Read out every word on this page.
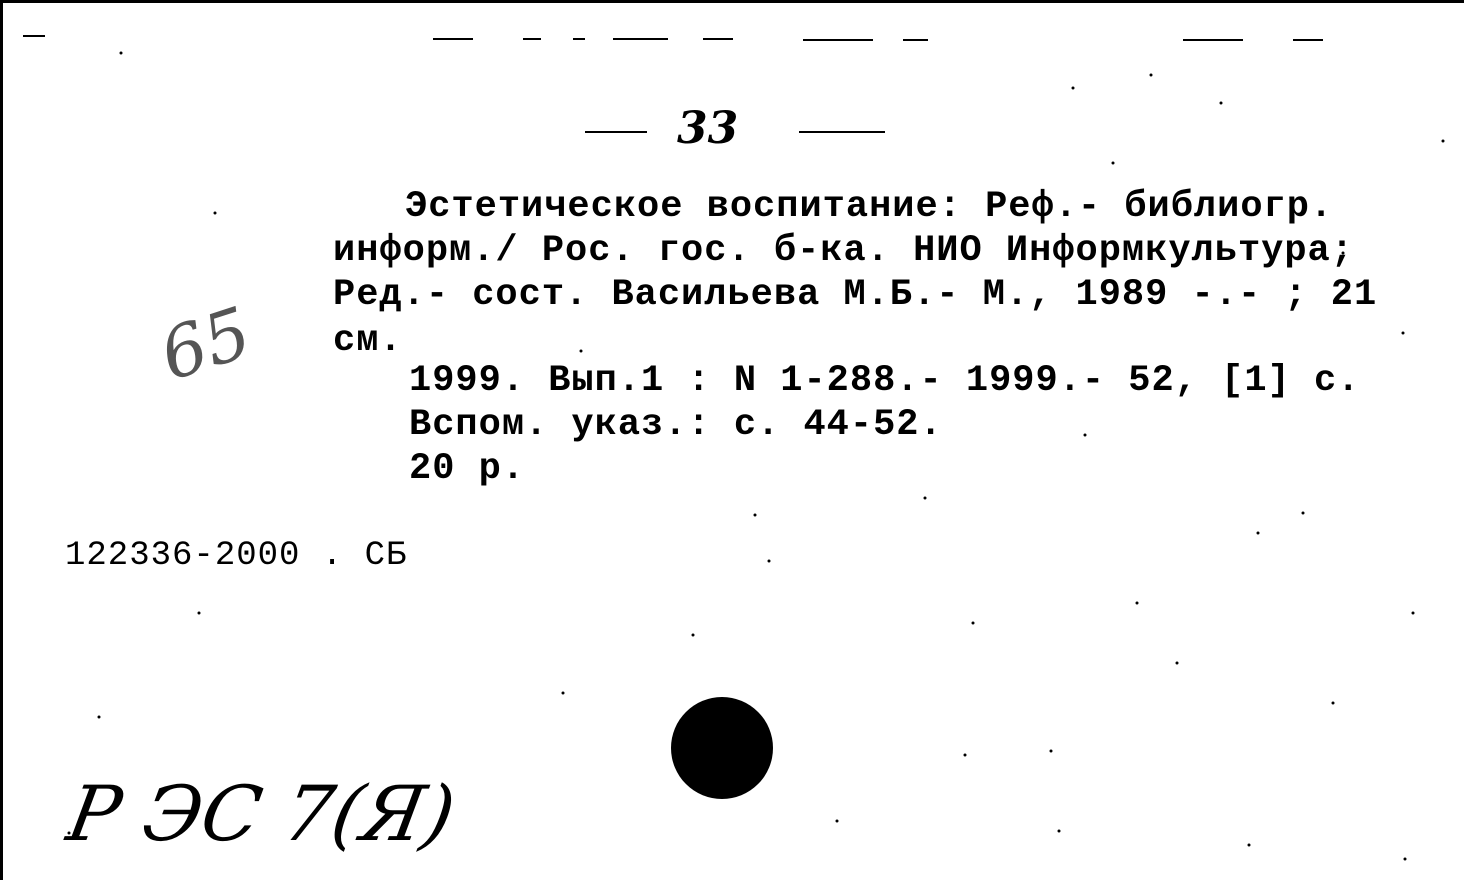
33
Эстетическое воспитание: Реф.- библиогр.
информ./ Рос. гос. б-ка. НИО Информкультура;
Ред.- сост. Васильева М.Б.- М., 1989 -.- ; 21
см.
1999. Вып.1 : N 1-288.- 1999.- 52, [1] с.
Вспом. указ.: с. 44-52.
20 р.
122336-2000 . СБ
65
Р ЭС 7(Я)
